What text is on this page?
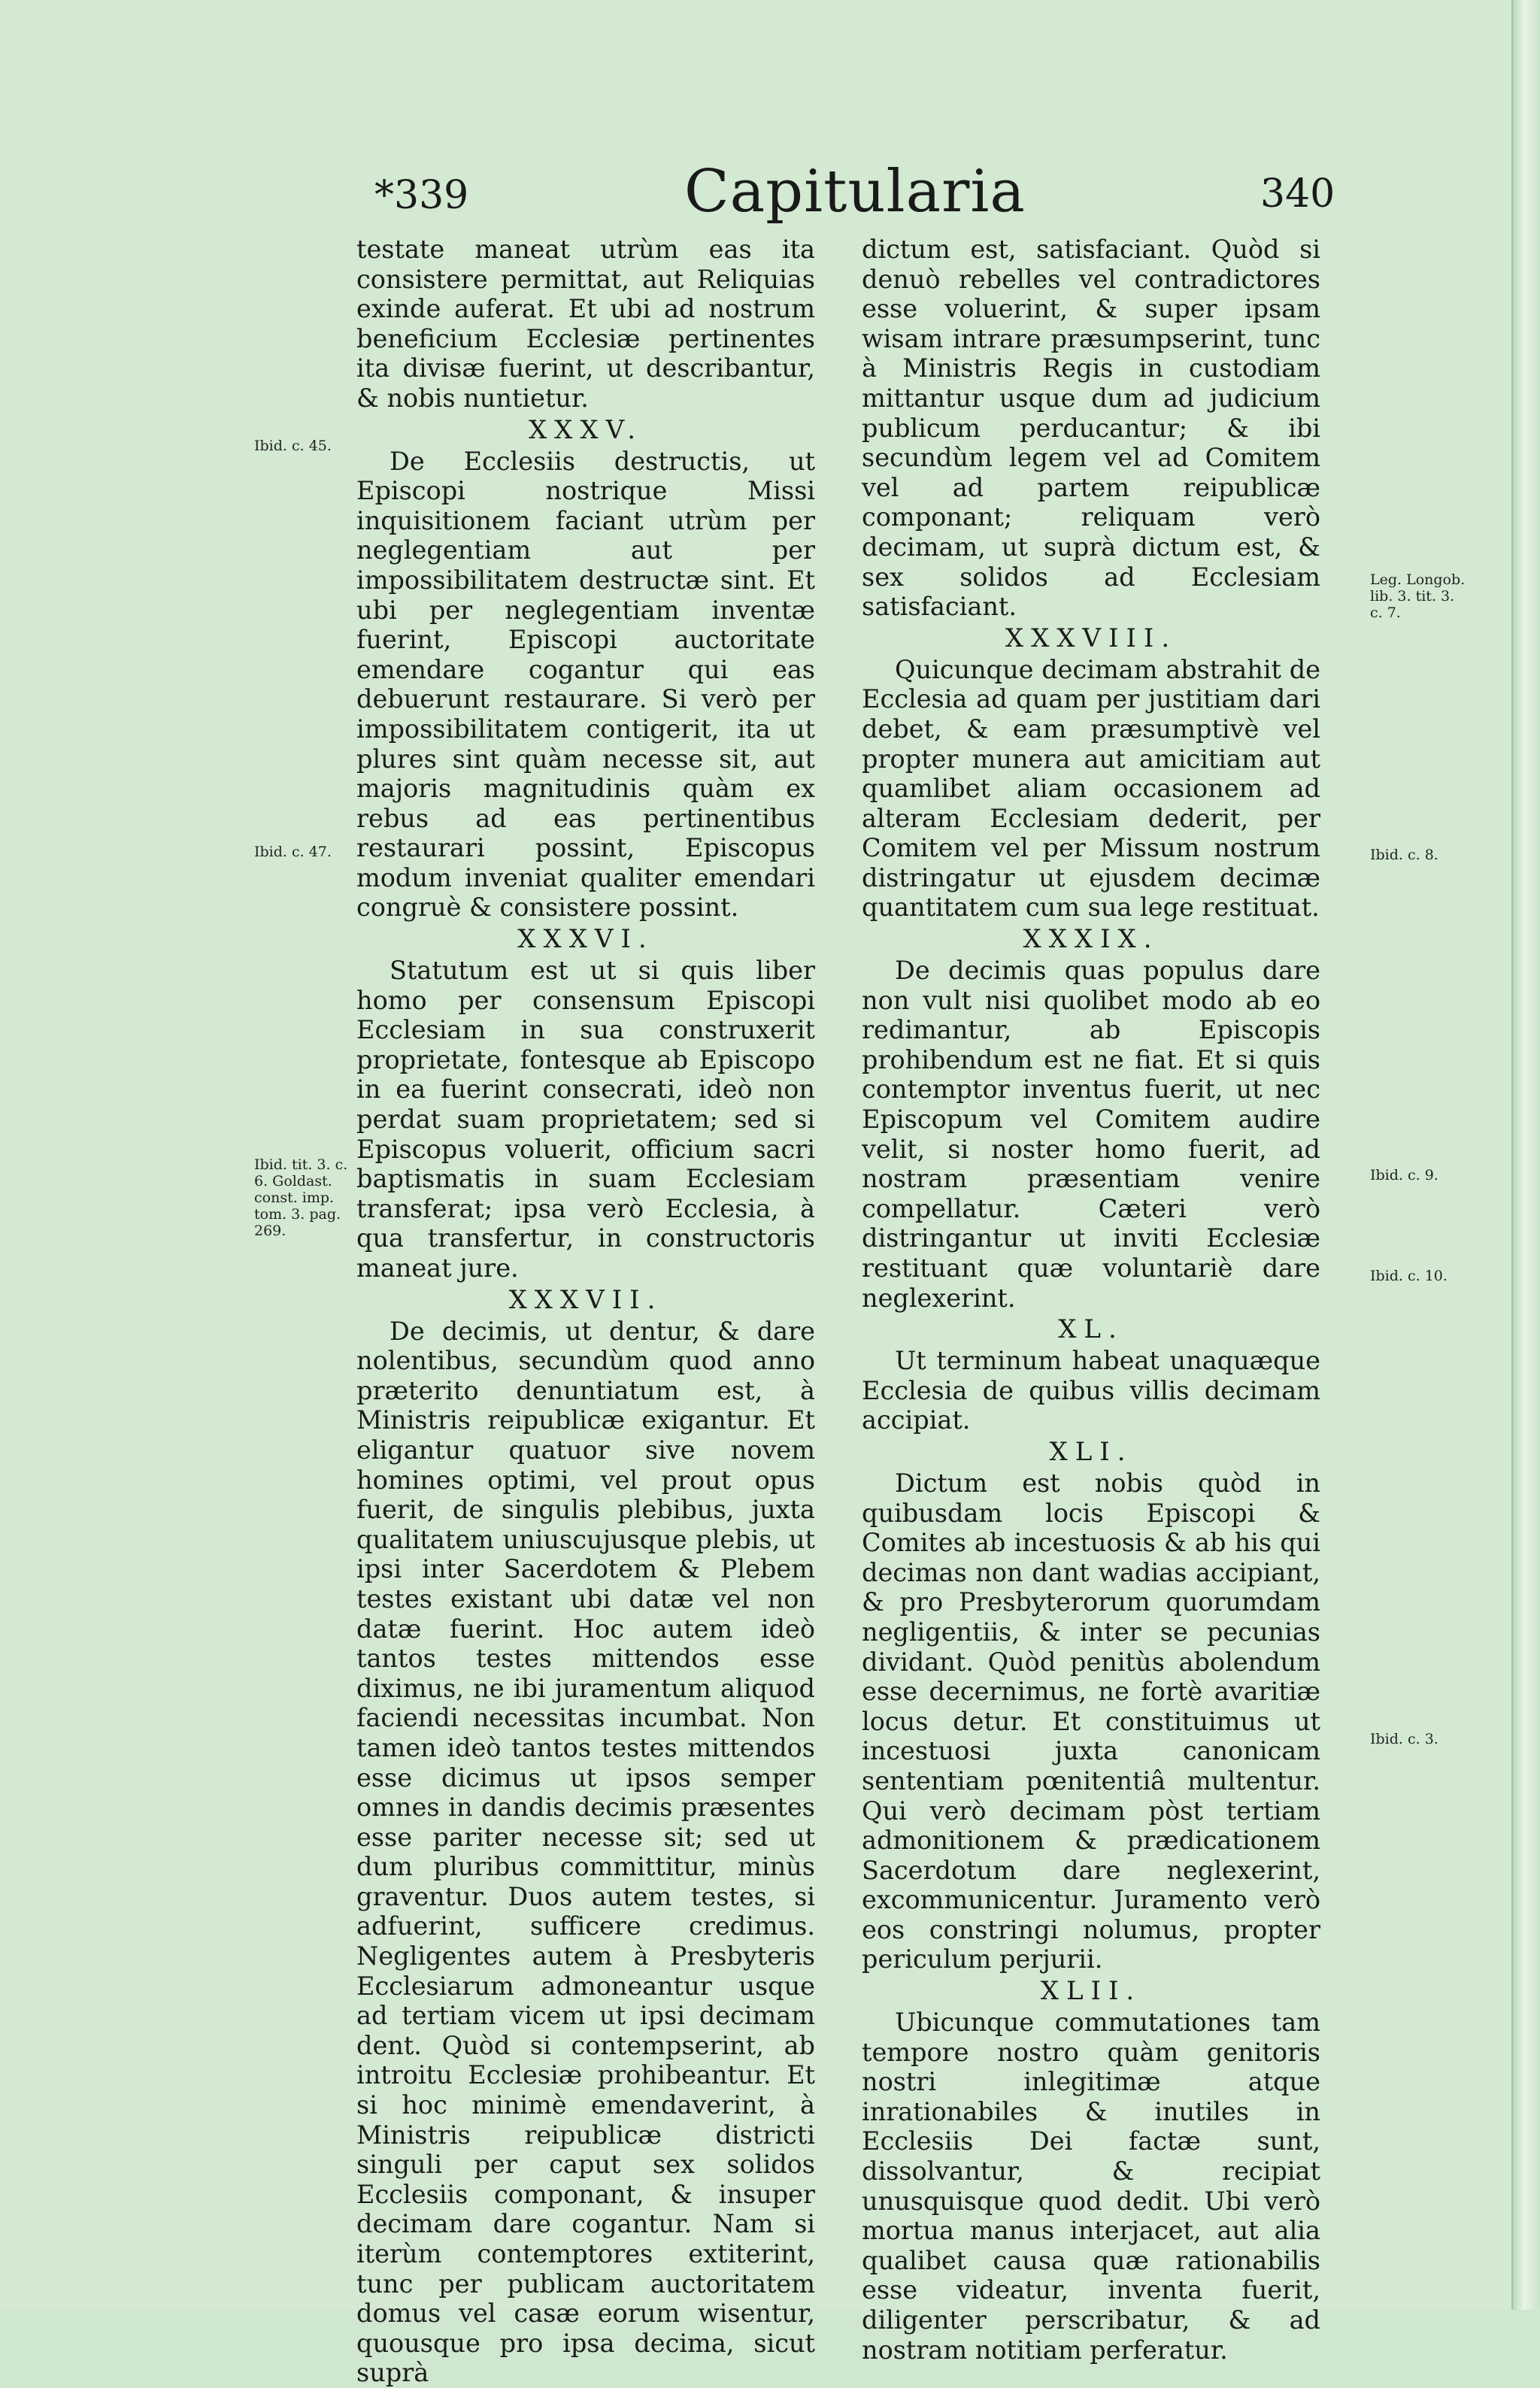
*339	Capitularia	340

testate maneat utrùm eas ita consistere permittat, aut Reliquias exinde auferat. Et ubi ad nostrum beneficium Ecclesiæ pertinentes ita divisæ fuerint, ut describantur, & nobis nuntietur.

XXXV.

De Ecclesiis destructis, ut Episcopi nostrique Missi inquisitionem faciant utrùm per neglegentiam aut per impossibilitatem destructæ sint. Et ubi per neglegentiam inventæ fuerint, Episcopi auctoritate emendare cogantur qui eas debuerunt restaurare. Si verò per impossibilitatem contigerit, ita ut plures sint quàm necesse sit, aut majoris magnitudinis quàm ex rebus ad eas pertinentibus restaurari possint, Episcopus modum inveniat qualiter emendari congruè & consistere possint.

XXXVI.

Statutum est ut si quis liber homo per consensum Episcopi Ecclesiam in sua construxerit proprietate, fontesque ab Episcopo in ea fuerint consecrati, ideò non perdat suam proprietatem; sed si Episcopus voluerit, officium sacri baptismatis in suam Ecclesiam transferat; ipsa verò Ecclesia, à qua transfertur, in constructoris maneat jure.

XXXVII.

De decimis, ut dentur, & dare nolentibus, secundùm quod anno præterito denuntiatum est, à Ministris reipublicæ exigantur. Et eligantur quatuor sive novem homines optimi, vel prout opus fuerit, de singulis plebibus, juxta qualitatem uniuscujusque plebis, ut ipsi inter Sacerdotem & Plebem testes existant ubi datæ vel non datæ fuerint. Hoc autem ideò tantos testes mittendos esse diximus, ne ibi juramentum aliquod faciendi necessitas incumbat. Non tamen ideò tantos testes mittendos esse dicimus ut ipsos semper omnes in dandis decimis præsentes esse pariter necesse sit; sed ut dum pluribus committitur, minùs graventur. Duos autem testes, si adfuerint, sufficere credimus. Negligentes autem à Presbyteris Ecclesiarum admoneantur usque ad tertiam vicem ut ipsi decimam dent. Quòd si contempserint, ab introitu Ecclesiæ prohibeantur. Et si hoc minimè emendaverint, à Ministris reipublicæ districti singuli per caput sex solidos Ecclesiis componant, & insuper decimam dare cogantur. Nam si iterùm contemptores extiterint, tunc per publicam auctoritatem domus vel casæ eorum wisentur, quousque pro ipsa decima, sicut suprà

dictum est, satisfaciant. Quòd si denuò rebelles vel contradictores esse voluerint, & super ipsam wisam intrare præsumpserint, tunc à Ministris Regis in custodiam mittantur usque dum ad judicium publicum perducantur; & ibi secundùm legem vel ad Comitem vel ad partem reipublicæ componant; reliquam verò decimam, ut suprà dictum est, & sex solidos ad Ecclesiam satisfaciant.

XXXVIII.

Quicunque decimam abstrahit de Ecclesia ad quam per justitiam dari debet, & eam præsumptivè vel propter munera aut amicitiam aut quamlibet aliam occasionem ad alteram Ecclesiam dederit, per Comitem vel per Missum nostrum distringatur ut ejusdem decimæ quantitatem cum sua lege restituat.

XXXIX.

De decimis quas populus dare non vult nisi quolibet modo ab eo redimantur, ab Episcopis prohibendum est ne fiat. Et si quis contemptor inventus fuerit, ut nec Episcopum vel Comitem audire velit, si noster homo fuerit, ad nostram præsentiam venire compellatur. Cæteri verò distringantur ut inviti Ecclesiæ restituant quæ voluntariè dare neglexerint.

XL.

Ut terminum habeat unaquæque Ecclesia de quibus villis decimam accipiat.

XLI.

Dictum est nobis quòd in quibusdam locis Episcopi & Comites ab incestuosis & ab his qui decimas non dant wadias accipiant, & pro Presbyterorum quorumdam negligentiis, & inter se pecunias dividant. Quòd penitùs abolendum esse decernimus, ne fortè avaritiæ locus detur. Et constituimus ut incestuosi juxta canonicam sententiam pœnitentiâ multentur. Qui verò decimam pòst tertiam admonitionem & prædicationem Sacerdotum dare neglexerint, excommunicentur. Juramento verò eos constringi nolumus, propter periculum perjurii.

XLII.

Ubicunque commutationes tam tempore nostro quàm genitoris nostri inlegitimæ atque inrationabiles & inutiles in Ecclesiis Dei factæ sunt, dissolvantur, & recipiat unusquisque quod dedit. Ubi verò mortua manus interjacet, aut alia qualibet causa quæ rationabilis esse videatur, inventa fuerit, diligenter perscribatur, & ad nostram notitiam perferatur.

Ibid. c. 45.
Ibid. c. 47.
Ibid. tit. 3. c. 6. Goldast. const. imp. tom. 3. pag. 269.
Leg. Longob. lib. 3. tit. 3. c. 7.
Ibid. c. 8.
Ibid. c. 9.
Ibid. c. 10.
Ibid. c. 3.
